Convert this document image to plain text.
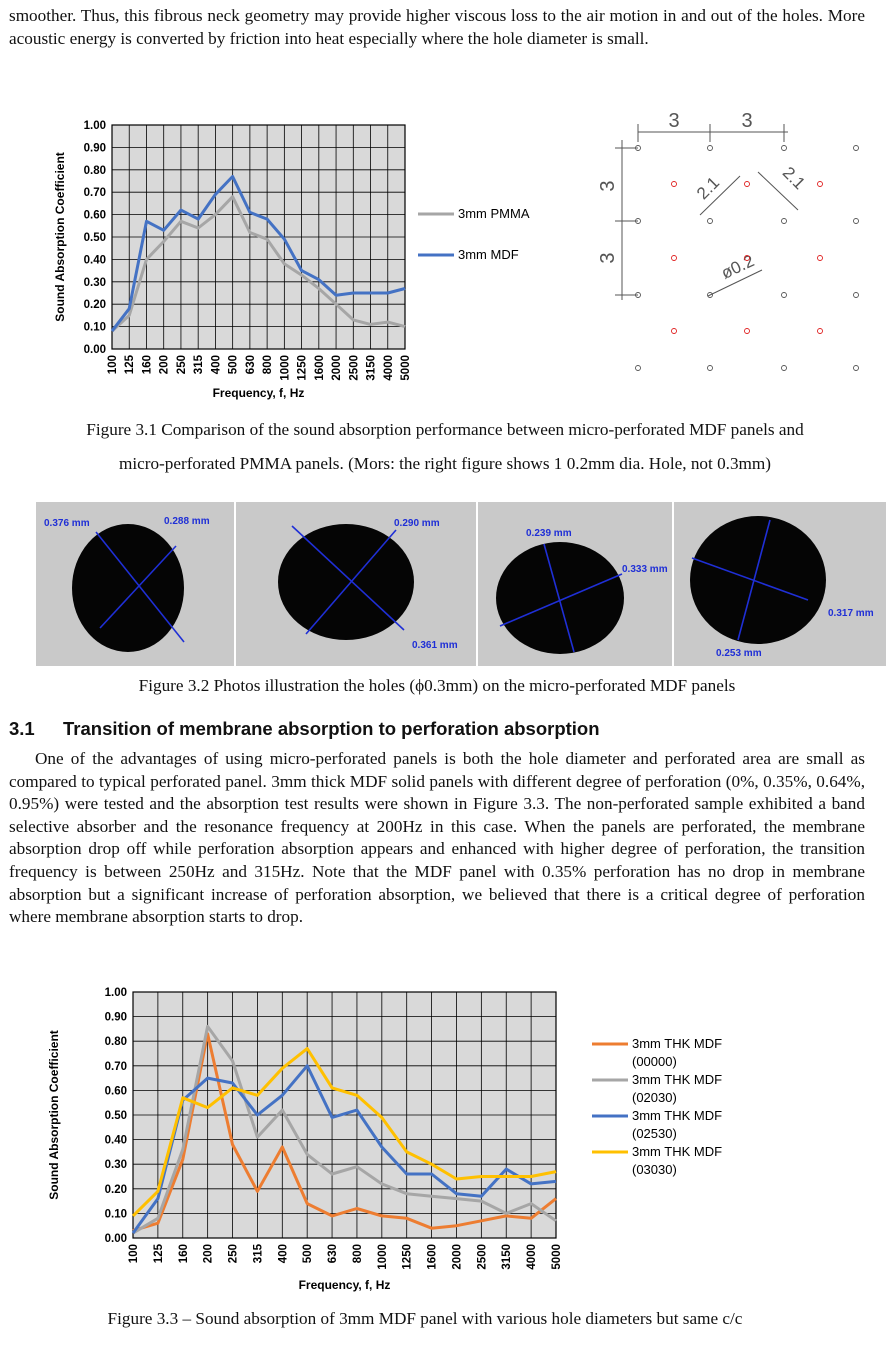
smoother. Thus, this fibrous neck geometry may provide higher viscous loss to the air motion in and out of the holes. More acoustic energy is converted by friction into heat especially where the hole diameter is small.

0.00
0.10
0.20
0.30
0.40
0.50
0.60
0.70
0.80
0.90
1.00
100 125 160 200 250 315 400 500 630 800 1000 1250 1600 2000 2500 3150 4000 5000
Sound Absorption Coefficient
Frequency, f, Hz
3mm PMMA
3mm MDF
3	3
3
3
2.1	2.1
ø0.2

Figure 3.1 Comparison of the sound absorption performance between micro-perforated MDF panels and

micro-perforated PMMA panels. (Mors: the right figure shows 1 0.2mm dia. Hole, not 0.3mm)

0.376 mm	0.288 mm	0.290 mm
0.361 mm
0.239 mm
0.333 mm
0.317 mm
0.253 mm

Figure 3.2 Photos illustration the holes (ϕ0.3mm) on the micro-perforated MDF panels

3.1 Transition of membrane absorption to perforation absorption

One of the advantages of using micro-perforated panels is both the hole diameter and perforated area are small as compared to typical perforated panel. 3mm thick MDF solid panels with different degree of perforation (0%, 0.35%, 0.64%, 0.95%) were tested and the absorption test results were shown in Figure 3.3. The non-perforated sample exhibited a band selective absorber and the resonance frequency at 200Hz in this case. When the panels are perforated, the membrane absorption drop off while perforation absorption appears and enhanced with higher degree of perforation, the transition frequency is between 250Hz and 315Hz. Note that the MDF panel with 0.35% perforation has no drop in membrane absorption but a significant increase of perforation absorption, we believed that there is a critical degree of perforation where membrane absorption starts to drop.

0.00
0.10
0.20
0.30
0.40
0.50
0.60
0.70
0.80
0.90
1.00
100 125 160 200 250 315 400 500 630 800 1000 1250 1600 2000 2500 3150 4000 5000
Sound Absorption Coefficient
Frequency, f, Hz
3mm THK MDF
(00000)
3mm THK MDF
(02030)
3mm THK MDF
(02530)
3mm THK MDF
(03030)

Figure 3.3 – Sound absorption of 3mm MDF panel with various hole diameters but same c/c
